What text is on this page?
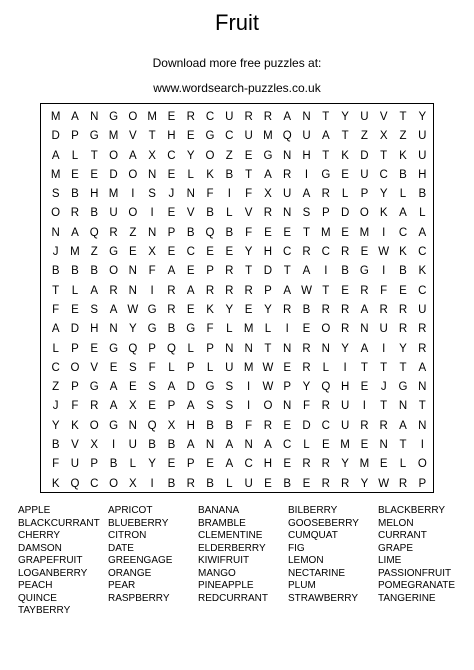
Fruit
Download more free puzzles at:
www.wordsearch-puzzles.co.uk
M A N G O M E R C U R R A N	T	Y U V	T	Y
D P G M V	T	H E G C U M Q U A	T	Z	X	Z	U
A	L	T O A	X C Y O Z	E G N H	T	K D	T	K U
M E	E D O N E	L	K	B	T	A R	I	G E U C B H
S	B H M	I	S	J	N	F	I	F	X U A R	L	P	Y	L	B
O R B U O	I	E	V	B	L	V R N S	P D O K	A	L
N A Q R	Z	N P	B Q B	F	E	E	T M E M	I	C A
J	M Z G E	X	E C E	E	Y H C R C R E W K C
B	B	B O N	F	A	E	P R	T	D	T	A	I	B G	I	B	K
T	L	A R N	I	R A R R R P	A W T	E R	F	E C
F	E	S	A W G R E	K	Y	E	Y R B R R A R R U
A D H N Y G B G F	L M L	I	E O R N U R R
L	P	E G Q P Q	L	P N N	T	N R N Y	A	I	Y R
C O V	E	S	F	L	P	L	U M W E R	L	I	T	T	T	A
Z	P G A	E	S	A D G S	I	W P	Y Q H E	J	G N
J	F	R A	X	E	P	A	S	S	I	O N	F	R U	I	T	N	T
Y	K O G N Q X H B	B	F	R E D C U R R A N
B	V	X	I	U B	B	A N A N A C	L	E M E N	T	I
F	U P	B	L	Y	E	P	E	A C H E R R Y M E	L	O
K Q C O X	I	B R B	L	U E	B	E R R Y W R P
APPLE	APRICOT	BANANA	BILBERRY	BLACKBERRY
BLACKCURRANT BLUEBERRY	BRAMBLE	GOOSEBERRY	MELON
CHERRY	CITRON	CLEMENTINE	CUMQUAT	CURRANT
DAMSON	DATE	ELDERBERRY	FIG	GRAPE
GRAPEFRUIT	GREENGAGE	KIWIFRUIT	LEMON	LIME
LOGANBERRY	ORANGE	MANGO	NECTARINE	PASSIONFRUIT
PEACH	PEAR	PINEAPPLE	PLUM	POMEGRANATE
QUINCE	RASPBERRY	REDCURRANT	STRAWBERRY	TANGERINE
TAYBERRY
